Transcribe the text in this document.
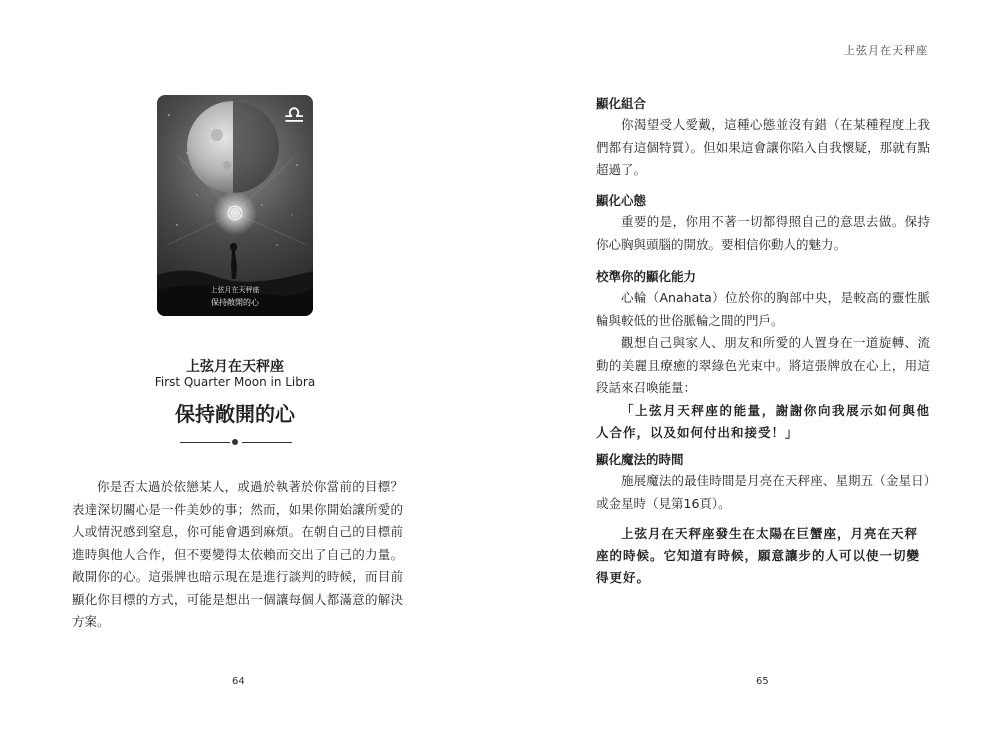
♎
上弦月在天秤座
保持敞開的心
上弦月在天秤座
First Quarter Moon in Libra
保持敞開的心

你是否太過於依戀某人，或過於執著於你當前的目標？表達深切關心是一件美妙的事；然而，如果你開始讓所愛的人或情況感到窒息，你可能會遇到麻煩。在朝自己的目標前進時與他人合作，但不要變得太依賴而交出了自己的力量。敞開你的心。這張牌也暗示現在是進行談判的時候，而目前顯化你目標的方式，可能是想出一個讓每個人都滿意的解決方案。

64
上弦月在天秤座
顯化組合

你渴望受人愛戴，這種心態並沒有錯（在某種程度上我們都有這個特質）。但如果這會讓你陷入自我懷疑，那就有點超過了。

顯化心態

重要的是，你用不著一切都得照自己的意思去做。保持你心胸與頭腦的開放。要相信你動人的魅力。

校準你的顯化能力

心輪（Anahata）位於你的胸部中央，是較高的靈性脈輪與較低的世俗脈輪之間的門戶。

觀想自己與家人、朋友和所愛的人置身在一道旋轉、流動的美麗且療癒的翠綠色光束中。將這張牌放在心上，用這段話來召喚能量：

「上弦月天秤座的能量，謝謝你向我展示如何與他人合作，以及如何付出和接受！」

顯化魔法的時間

施展魔法的最佳時間是月亮在天秤座、星期五（金星日）或金星時（見第16頁）。

上弦月在天秤座發生在太陽在巨蟹座，月亮在天秤座的時候。它知道有時候，願意讓步的人可以使一切變得更好。

65
